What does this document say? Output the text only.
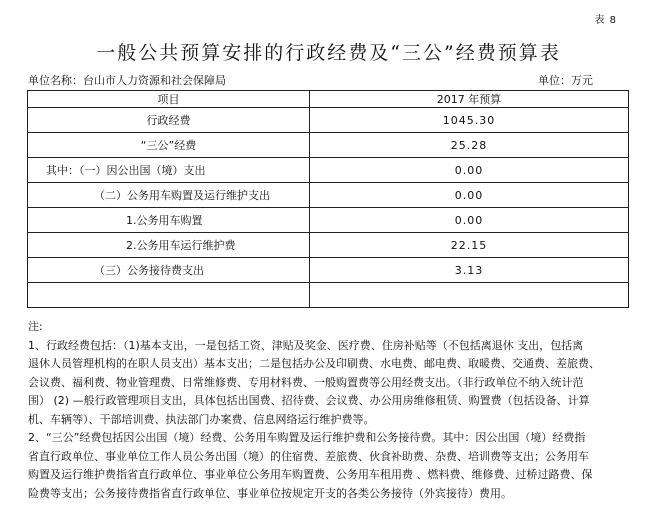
表 8
一般公共预算安排的行政经费及“三公”经费预算表
单位名称：台山市人力资源和社会保障局	单位：万元
项目	2017 年预算
行政经费	1045.30
“三公”经费	25.28
其中：（一）因公出国（境）支出	0.00
（二）公务用车购置及运行维护支出	0.00
1.公务用车购置	0.00
2.公务用车运行维护费	22.15
（三）公务接待费支出	3.13

注:

1、行政经费包括：（1)基本支出，一是包括工资、津贴及奖金、医疗费、住房补贴等（不包括离退休 支出，包括离

退休人员管理机构的在职人员支出）基本支出；二是包括办公及印刷费、水电费、邮电费、取暖费、交通费、差旅费、

会议费、福利费、物业管理费、日常维修费、专用材料费、一般购置费等公用经费支出。（非行政单位不纳入统计范

围） (2) —般行政管理项目支出，具体包括出国费、招待费、会议费、办公用房维修租赁、购置费（包括设备、计算

机、车辆等）、干部培训费、执法部门办案费、信息网络运行维护费等。

2、“三公”经费包括因公出国（境）经费、公务用车购置及运行维护费和公务接待费。其中：因公出国（境）经费指

省直行政单位、事业单位工作人员公务出国（境）的住宿费、差旅费、伙食补助费、杂费、培训费等支出；公务用车

购置及运行维护费指省直行政单位、事业单位公务用车购置费、公务用车租用费 、燃料费、维修费、过桥过路费、保

险费等支出；公务接待费指省直行政单位、事业单位按规定开支的各类公务接待（外宾接待）费用。
